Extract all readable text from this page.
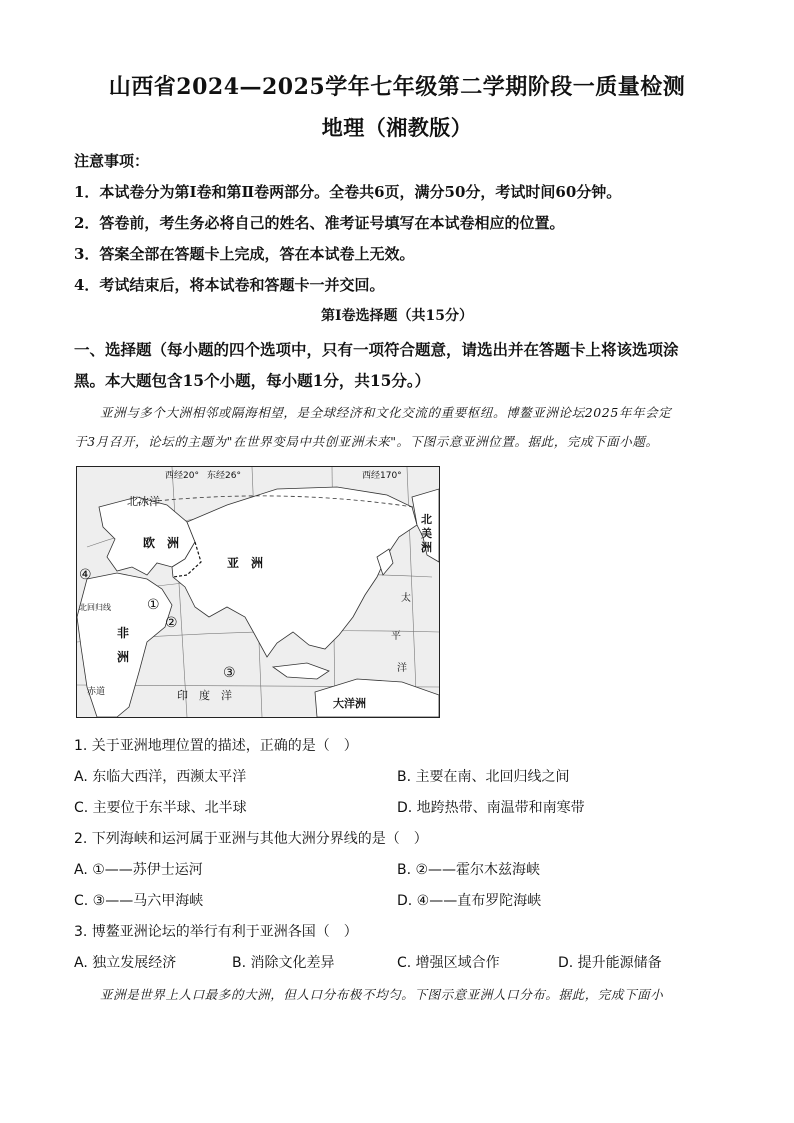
山西省2024—2025学年七年级第二学期阶段一质量检测
地理（湘教版）
注意事项：
1．本试卷分为第Ⅰ卷和第Ⅱ卷两部分。全卷共6页，满分50分，考试时间60分钟。
2．答卷前，考生务必将自己的姓名、准考证号填写在本试卷相应的位置。
3．答案全部在答题卡上完成，答在本试卷上无效。
4．考试结束后，将本试卷和答题卡一并交回。
第Ⅰ卷选择题（共15分）
一、选择题（每小题的四个选项中，只有一项符合题意，请选出并在答题卡上将该选项涂
黑。本大题包含15个小题，每小题1分，共15分。）
亚洲与多个大洲相邻或隔海相望，是全球经济和文化交流的重要枢纽。博鳌亚洲论坛2025年年会定
于3月召开，论坛的主题为"在世界变局中共创亚洲未来"。下图示意亚洲位置。据此，完成下面小题。
西经20° 东经26°	西经170°
北冰洋
欧　洲
亚　洲
北
美
洲
太
平
洋
北回归线
非
洲
赤道	印　度　洋
大洋洲
①
②
③
④
1. 关于亚洲地理位置的描述，正确的是（　）
A. 东临大西洋，西濒太平洋	B. 主要在南、北回归线之间
C. 主要位于东半球、北半球	D. 地跨热带、南温带和南寒带
2. 下列海峡和运河属于亚洲与其他大洲分界线的是（　）
A. ①——苏伊士运河	B. ②——霍尔木兹海峡
C. ③——马六甲海峡	D. ④——直布罗陀海峡
3. 博鳌亚洲论坛的举行有利于亚洲各国（　）
A. 独立发展经济	B. 消除文化差异	C. 增强区域合作	D. 提升能源储备
亚洲是世界上人口最多的大洲，但人口分布极不均匀。下图示意亚洲人口分布。据此，完成下面小
